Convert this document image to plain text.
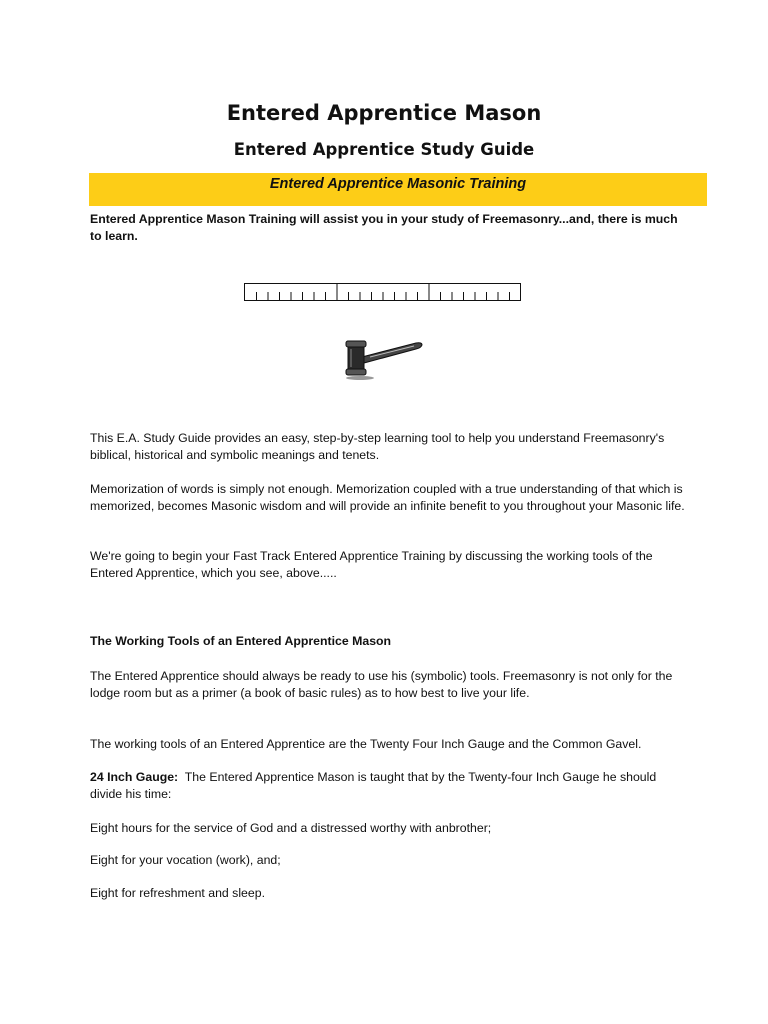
Entered Apprentice Mason
Entered Apprentice Study Guide
Entered Apprentice Masonic Training

Entered Apprentice Mason Training will assist you in your study of Freemasonry...and, there is much to learn.

This E.A. Study Guide provides an easy, step-by-step learning tool to help you understand Freemasonry's biblical, historical and symbolic meanings and tenets.

Memorization of words is simply not enough. Memorization coupled with a true understanding of that which is memorized, becomes Masonic wisdom and will provide an infinite benefit to you throughout your Masonic life.

We're going to begin your Fast Track Entered Apprentice Training by discussing the working tools of the Entered Apprentice, which you see, above.....

The Working Tools of an Entered Apprentice Mason

The Entered Apprentice should always be ready to use his (symbolic) tools. Freemasonry is not only for the lodge room but as a primer (a book of basic rules) as to how best to live your life.

The working tools of an Entered Apprentice are the Twenty Four Inch Gauge and the Common Gavel.

24 Inch Gauge:  The Entered Apprentice Mason is taught that by the Twenty-four Inch Gauge he should divide his time:

Eight hours for the service of God and a distressed worthy with anbrother;

Eight for your vocation (work), and;

Eight for refreshment and sleep.
